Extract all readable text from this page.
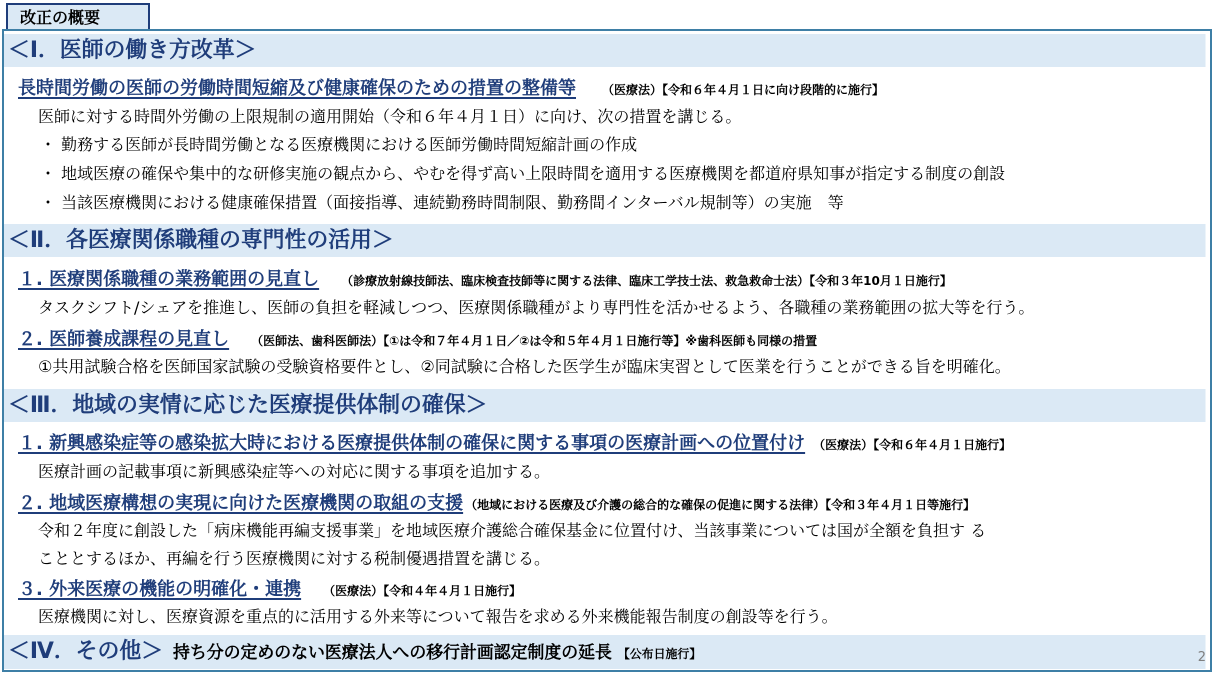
改正の概要
＜Ⅰ．医師の働き方改革＞
長時間労働の医師の労働時間短縮及び健康確保のための措置の整備等 （医療法）【令和６年４月１日に向け段階的に施行】
医師に対する時間外労働の上限規制の適用開始（令和６年４月１日）に向け、次の措置を講じる。
・ 勤務する医師が長時間労働となる医療機関における医師労働時間短縮計画の作成
・ 地域医療の確保や集中的な研修実施の観点から、やむを得ず高い上限時間を適用する医療機関を都道府県知事が指定する制度の創設
・ 当該医療機関における健康確保措置（面接指導、連続勤務時間制限、勤務間インターバル規制等）の実施　等
＜Ⅱ．各医療関係職種の専門性の活用＞
１. 医療関係職種の業務範囲の見直し （診療放射線技師法、臨床検査技師等に関する法律、臨床工学技士法、救急救命士法）【令和３年10月１日施行】
タスクシフト/シェアを推進し、医師の負担を軽減しつつ、医療関係職種がより専門性を活かせるよう、各職種の業務範囲の拡大等を行う。
２. 医師養成課程の見直し （医師法、歯科医師法）【①は令和７年４月１日／②は令和５年４月１日施行等】※歯科医師も同様の措置
①共用試験合格を医師国家試験の受験資格要件とし、②同試験に合格した医学生が臨床実習として医業を行うことができる旨を明確化。
＜Ⅲ．地域の実情に応じた医療提供体制の確保＞
１. 新興感染症等の感染拡大時における医療提供体制の確保に関する事項の医療計画への位置付け （医療法）【令和６年４月１日施行】
医療計画の記載事項に新興感染症等への対応に関する事項を追加する。
２. 地域医療構想の実現に向けた医療機関の取組の支援 （地域における医療及び介護の総合的な確保の促進に関する法律）【令和３年４月１日等施行】
令和２年度に創設した「病床機能再編支援事業」を地域医療介護総合確保基金に位置付け、当該事業については国が全額を負担す る
こととするほか、再編を行う医療機関に対する税制優遇措置を講じる。
３. 外来医療の機能の明確化・連携 （医療法）【令和４年４月１日施行】
医療機関に対し、医療資源を重点的に活用する外来等について報告を求める外来機能報告制度の創設等を行う。
＜Ⅳ．その他＞ 持ち分の定めのない医療法人への移行計画認定制度の延長 【公布日施行】	2
